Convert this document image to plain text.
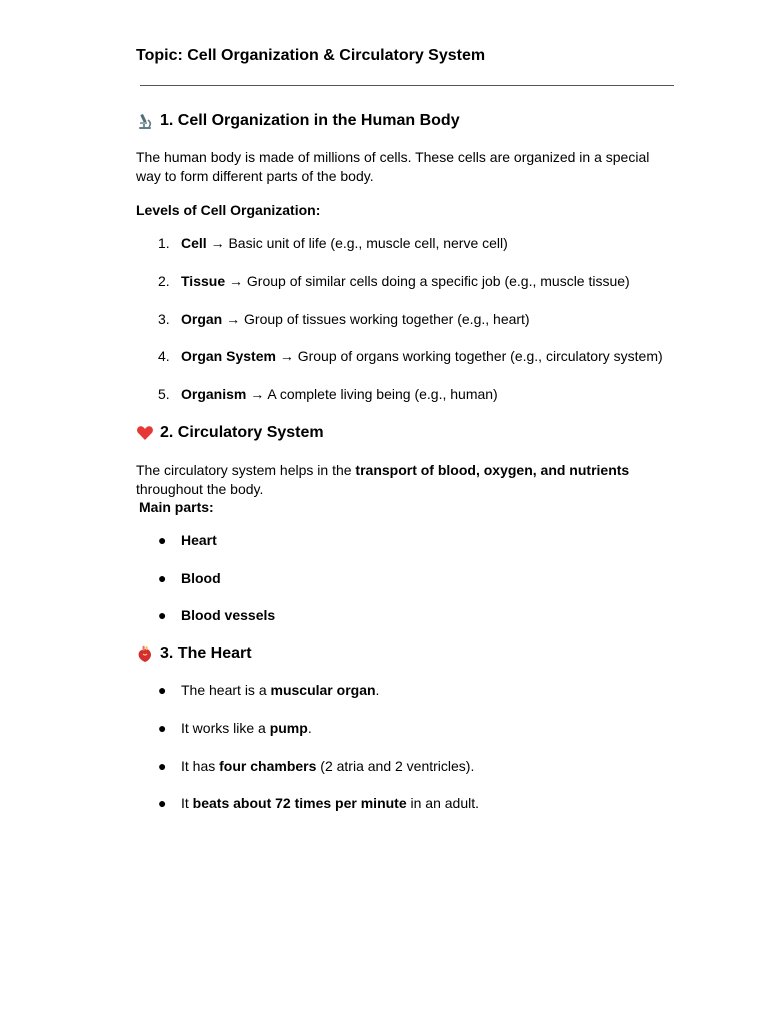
Topic: Cell Organization & Circulatory System
1. Cell Organization in the Human Body
The human body is made of millions of cells. These cells are organized in a special way to form different parts of the body.
Levels of Cell Organization:
1. Cell → Basic unit of life (e.g., muscle cell, nerve cell)
2. Tissue → Group of similar cells doing a specific job (e.g., muscle tissue)
3. Organ → Group of tissues working together (e.g., heart)
4. Organ System → Group of organs working together (e.g., circulatory system)
5. Organism → A complete living being (e.g., human)
2. Circulatory System
The circulatory system helps in the transport of blood, oxygen, and nutrients
throughout the body.
Main parts:
● Heart
● Blood
● Blood vessels
3. The Heart
● The heart is a muscular organ.
● It works like a pump.
● It has four chambers (2 atria and 2 ventricles).
● It beats about 72 times per minute in an adult.
